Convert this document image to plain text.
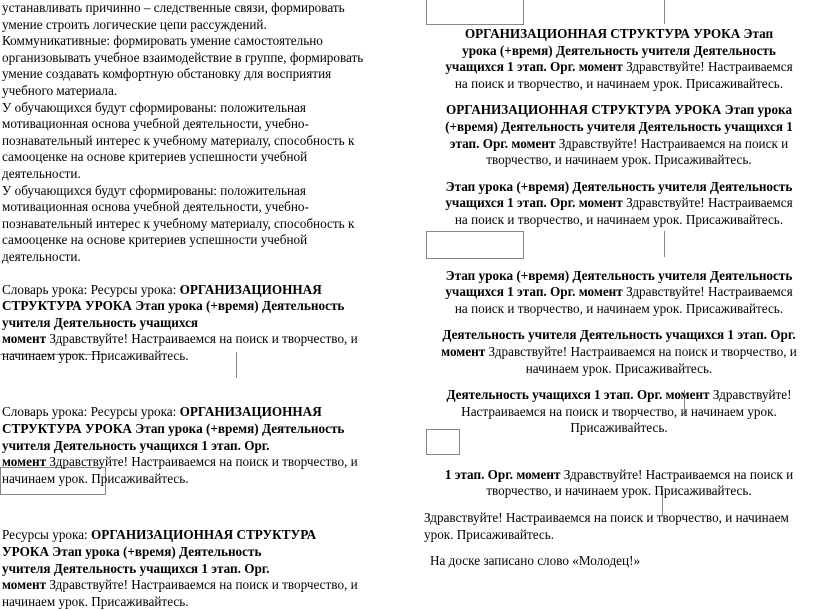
устанавливать причинно – следственные связи, формировать

умение строить логические цепи рассуждений.

Коммуникативные: формировать умение самостоятельно

организовывать учебное взаимодействие в группе, формировать

умение создавать комфортную обстановку для восприятия

учебного материала.

У обучающихся будут сформированы: положительная

мотивационная основа учебной деятельности, учебно-

познавательный интерес к учебному материалу, способность к

самооценке на основе критериев успешности учебной

деятельности.

У обучающихся будут сформированы: положительная

мотивационная основа учебной деятельности, учебно-

познавательный интерес к учебному материалу, способность к

самооценке на основе критериев успешности учебной

деятельности.

Словарь урока: Ресурсы урока: ОРГАНИЗАЦИОННАЯ

СТРУКТУРА УРОКА Этап урока (+время) Деятельность

учителя Деятельность учащихся

момент Здравствуйте! Настраиваемся на поиск и творчество, и

начинаем урок. Присаживайтесь.

Словарь урока: Ресурсы урока: ОРГАНИЗАЦИОННАЯ

СТРУКТУРА УРОКА Этап урока (+время) Деятельность

учителя Деятельность учащихся 1 этап. Орг.

момент Здравствуйте! Настраиваемся на поиск и творчество, и

начинаем урок. Присаживайтесь.

Ресурсы урока: ОРГАНИЗАЦИОННАЯ СТРУКТУРА

УРОКА Этап урока (+время) Деятельность

учителя Деятельность учащихся 1 этап. Орг.

момент Здравствуйте! Настраиваемся на поиск и творчество, и

начинаем урок. Присаживайтесь.

ОРГАНИЗАЦИОННАЯ СТРУКТУРА УРОКА Этап

урока (+время) Деятельность учителя Деятельность

учащихся 1 этап. Орг. момент Здравствуйте! Настраиваемся

на поиск и творчество, и начинаем урок. Присаживайтесь.

ОРГАНИЗАЦИОННАЯ СТРУКТУРА УРОКА Этап урока

(+время) Деятельность учителя Деятельность учащихся 1

этап. Орг. момент Здравствуйте! Настраиваемся на поиск и

творчество, и начинаем урок. Присаживайтесь.

Этап урока (+время) Деятельность учителя Деятельность

учащихся 1 этап. Орг. момент Здравствуйте! Настраиваемся

на поиск и творчество, и начинаем урок. Присаживайтесь.

Этап урока (+время) Деятельность учителя Деятельность

учащихся 1 этап. Орг. момент Здравствуйте! Настраиваемся

на поиск и творчество, и начинаем урок. Присаживайтесь.

Деятельность учителя Деятельность учащихся 1 этап. Орг.

момент Здравствуйте! Настраиваемся на поиск и творчество, и

начинаем урок. Присаживайтесь.

Деятельность учащихся 1 этап. Орг. момент Здравствуйте!

Настраиваемся на поиск и творчество, и начинаем урок.

Присаживайтесь.

1 этап. Орг. момент Здравствуйте! Настраиваемся на поиск и

творчество, и начинаем урок. Присаживайтесь.

Здравствуйте! Настраиваемся на поиск и творчество, и начинаем

урок. Присаживайтесь.

На доске записано слово «Молодец!»
